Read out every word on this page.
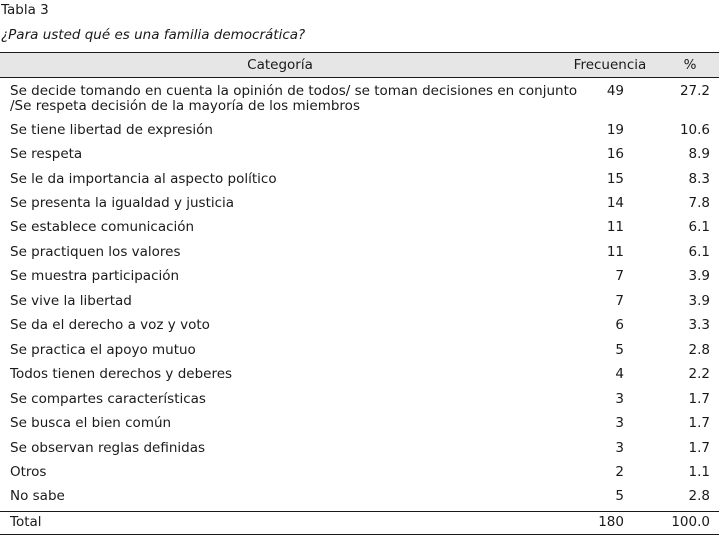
Tabla 3
¿Para usted qué es una familia democrática?
Categoría	Frecuencia	%
Se decide tomando en cuenta la opinión de todos/ se toman decisiones en conjunto
/Se respeta decisión de la mayoría de los miembros
49	27.2
Se tiene libertad de expresión	19	10.6
Se respeta	16	8.9
Se le da importancia al aspecto político	15	8.3
Se presenta la igualdad y justicia	14	7.8
Se establece comunicación	11	6.1
Se practiquen los valores	11	6.1
Se muestra participación	7	3.9
Se vive la libertad	7	3.9
Se da el derecho a voz y voto	6	3.3
Se practica el apoyo mutuo	5	2.8
Todos tienen derechos y deberes	4	2.2
Se compartes características	3	1.7
Se busca el bien común	3	1.7
Se observan reglas definidas	3	1.7
Otros	2	1.1
No sabe	5	2.8
Total	180	100.0
